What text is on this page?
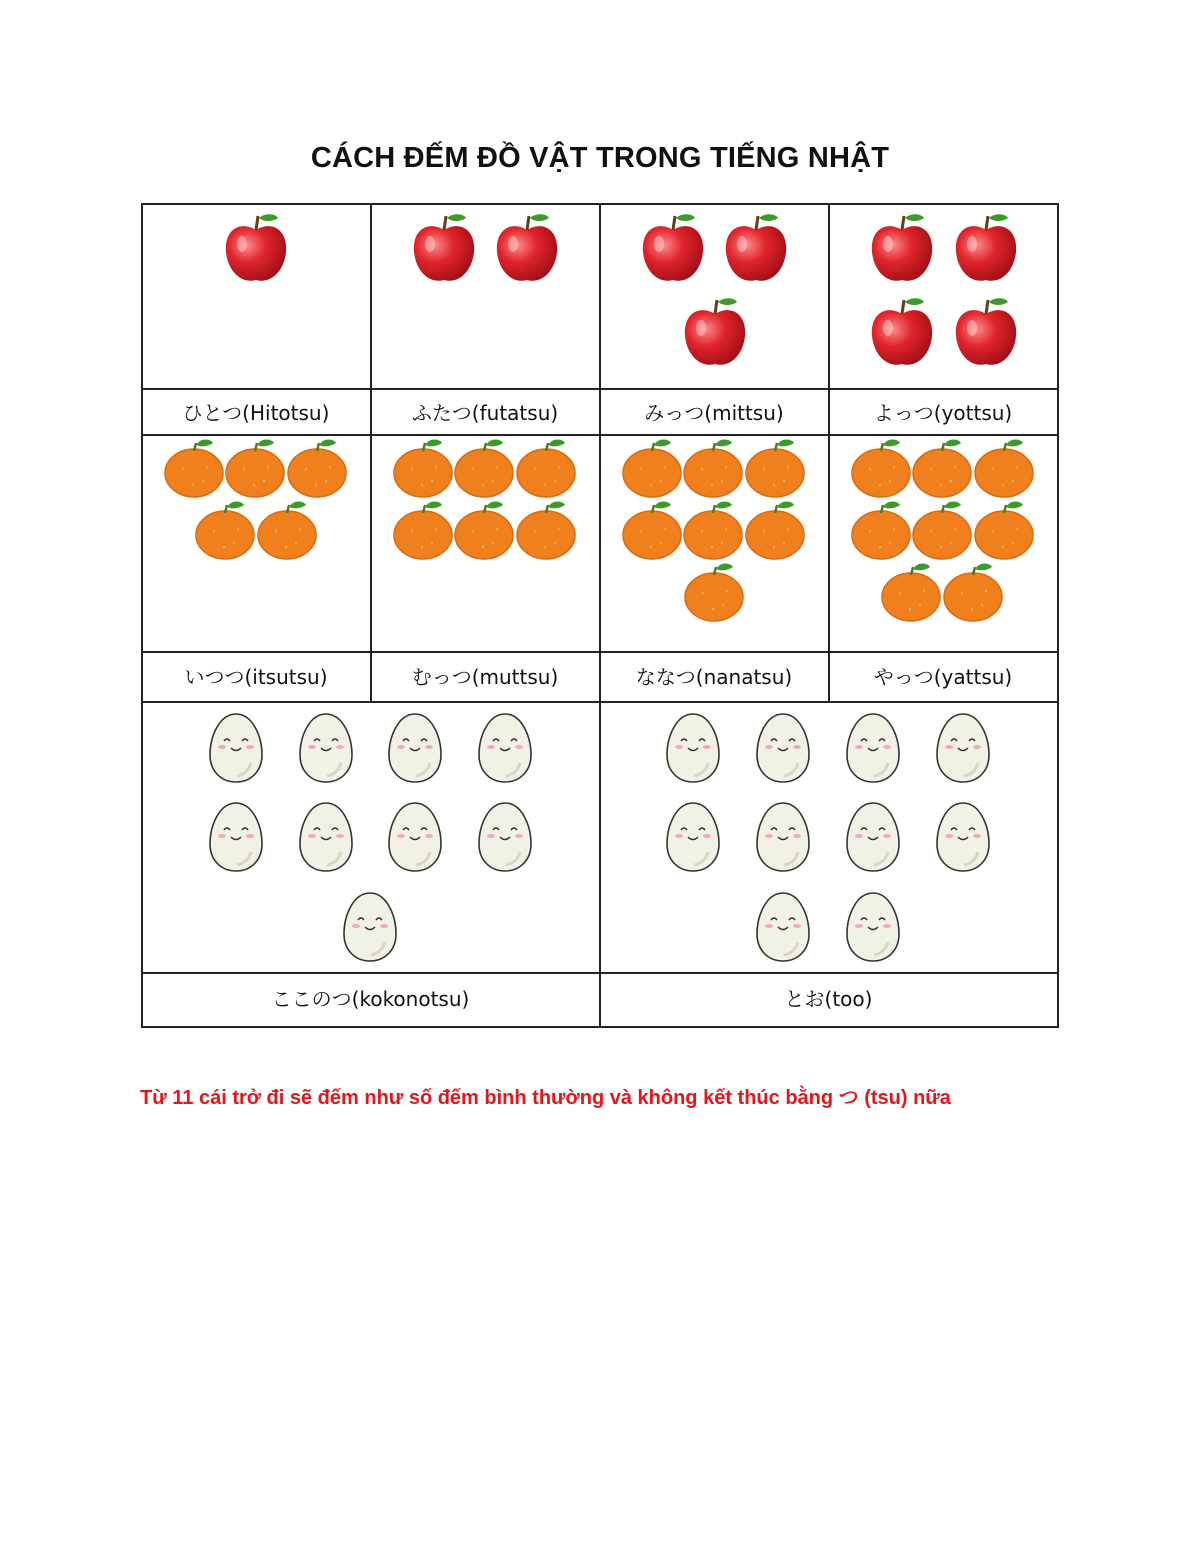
CÁCH ĐẾM ĐỒ VẬT TRONG TIẾNG NHẬT
ひとつ(Hitotsu)	ふたつ(futatsu)	みっつ(mittsu)	よっつ(yottsu)
いつつ(itsutsu)	むっつ(muttsu)	ななつ(nanatsu)	やっつ(yattsu)
ここのつ(kokonotsu)	とお(too)
Từ 11 cái trở đi sẽ đếm như số đếm bình thường và không kết thúc bằng つ (tsu) nữa
